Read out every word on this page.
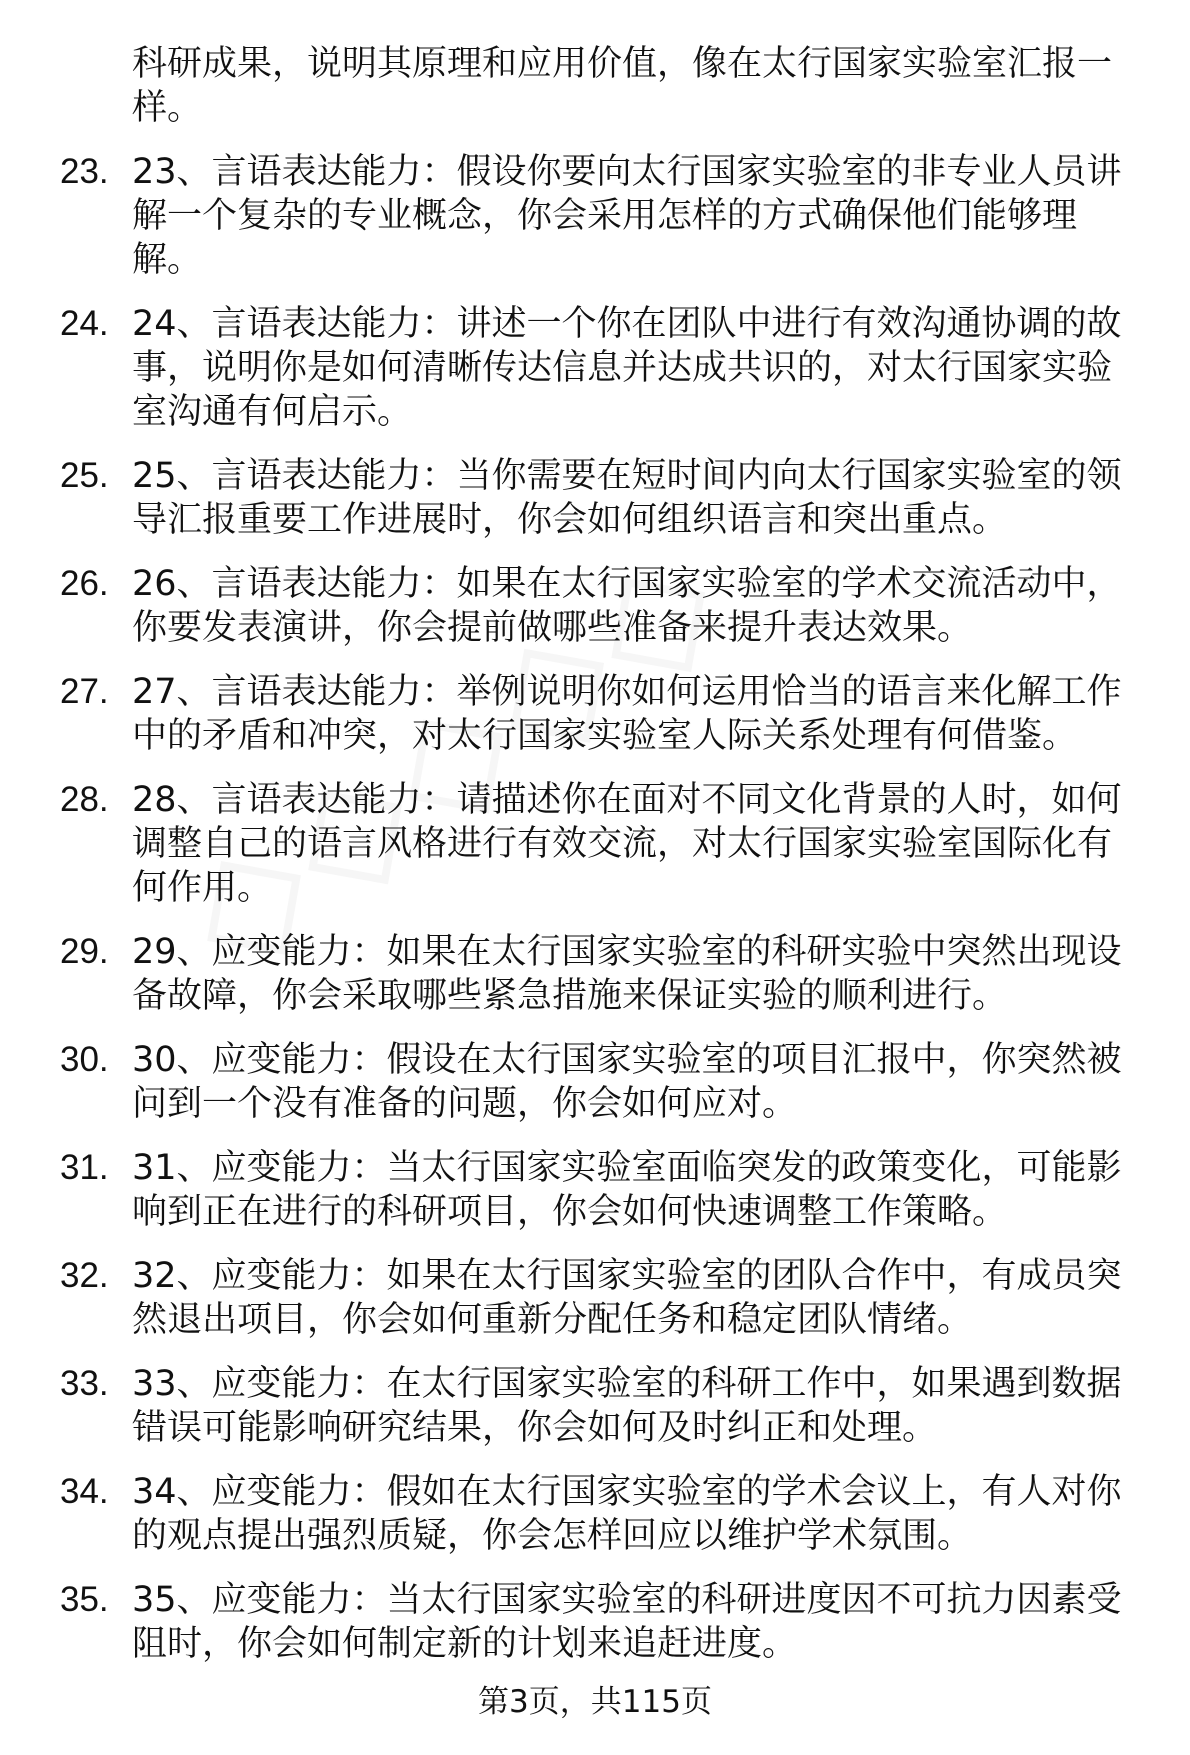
科研成果，说明其原理和应用价值，像在太行国家实验室汇报一样。
23. 23、言语表达能力：假设你要向太行国家实验室的非专业人员讲解一个复杂的专业概念，你会采用怎样的方式确保他们能够理解。
24. 24、言语表达能力：讲述一个你在团队中进行有效沟通协调的故事，说明你是如何清晰传达信息并达成共识的，对太行国家实验室沟通有何启示。
25. 25、言语表达能力：当你需要在短时间内向太行国家实验室的领导汇报重要工作进展时，你会如何组织语言和突出重点。
26. 26、言语表达能力：如果在太行国家实验室的学术交流活动中，你要发表演讲，你会提前做哪些准备来提升表达效果。
27. 27、言语表达能力：举例说明你如何运用恰当的语言来化解工作中的矛盾和冲突，对太行国家实验室人际关系处理有何借鉴。
28. 28、言语表达能力：请描述你在面对不同文化背景的人时，如何调整自己的语言风格进行有效交流，对太行国家实验室国际化有何作用。
29. 29、应变能力：如果在太行国家实验室的科研实验中突然出现设备故障，你会采取哪些紧急措施来保证实验的顺利进行。
30. 30、应变能力：假设在太行国家实验室的项目汇报中，你突然被问到一个没有准备的问题，你会如何应对。
31. 31、应变能力：当太行国家实验室面临突发的政策变化，可能影响到正在进行的科研项目，你会如何快速调整工作策略。
32. 32、应变能力：如果在太行国家实验室的团队合作中，有成员突然退出项目，你会如何重新分配任务和稳定团队情绪。
33. 33、应变能力：在太行国家实验室的科研工作中，如果遇到数据错误可能影响研究结果，你会如何及时纠正和处理。
34. 34、应变能力：假如在太行国家实验室的学术会议上，有人对你的观点提出强烈质疑，你会怎样回应以维护学术氛围。
35. 35、应变能力：当太行国家实验室的科研进度因不可抗力因素受阻时，你会如何制定新的计划来追赶进度。
第3页，共115页
